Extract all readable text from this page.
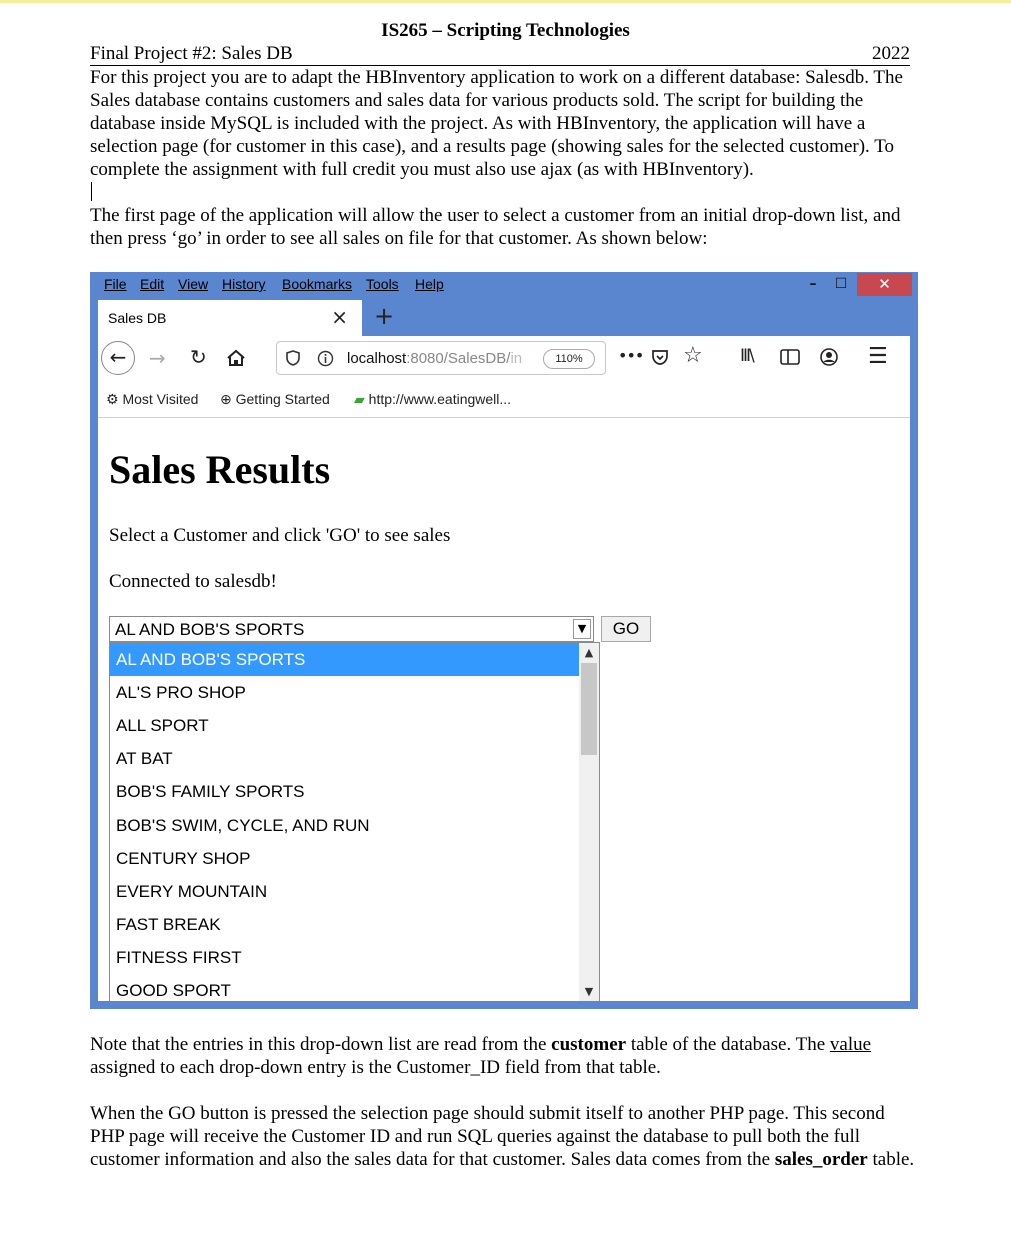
IS265 – Scripting Technologies
Final Project #2: Sales DB	2022
For this project you are to adapt the HBInventory application to work on a different database: Salesdb. The Sales database contains customers and sales data for various products sold. The script for building the database inside MySQL is included with the project. As with HBInventory, the application will have a selection page (for customer in this case), and a results page (showing sales for the selected customer). To complete the assignment with full credit you must also use ajax (as with HBInventory).
The first page of the application will allow the user to select a customer from an initial drop-down list, and then press ‘go’ in order to see all sales on file for that customer. As shown below:
File Edit View History Bookmarks Tools Help	–	☐	✕
Sales DB	× +
←	→ ↻	localhost:8080/SalesDB/in	110%	••• ☆ III\	☰
⚙ Most Visited ⊕ Getting Started ▰ http://www.eatingwell...
Sales Results
Select a Customer and click 'GO' to see sales
Connected to salesdb!
AL AND BOB'S SPORTS	▼	GO
AL AND BOB'S SPORTS
AL'S PRO SHOP
ALL SPORT
AT BAT
BOB'S FAMILY SPORTS
BOB'S SWIM, CYCLE, AND RUN
CENTURY SHOP
EVERY MOUNTAIN
FAST BREAK
FITNESS FIRST
GOOD SPORT
▲
▼
Note that the entries in this drop-down list are read from the customer table of the database. The value assigned to each drop-down entry is the Customer_ID field from that table.
When the GO button is pressed the selection page should submit itself to another PHP page. This second PHP page will receive the Customer ID and run SQL queries against the database to pull both the full customer information and also the sales data for that customer. Sales data comes from the sales_order table.
